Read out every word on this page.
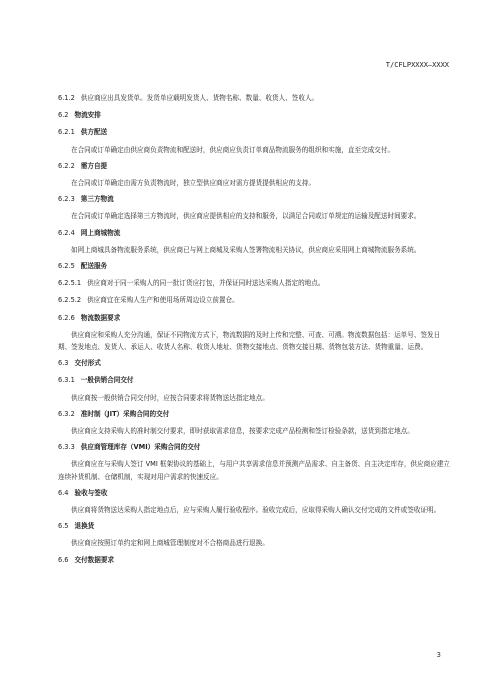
T/CFLPXXXX—XXXX

6.1.2 供应商应出具发货单。发货单应载明发货人、货物名称、数量、收货人、签收人。

6.2 物流安排

6.2.1 供方配送

在合同或订单确定由供应商负责物流和配送时，供应商应负责订单商品物流服务的组织和实施，直至完成交付。

6.2.2 需方自提

在合同或订单确定由需方负责物流时，独立型供应商应对需方提货提供相应的支持。

6.2.3 第三方物流

在合同或订单确定选择第三方物流时，供应商应提供相应的支持和服务，以满足合同或订单规定的运输及配送时间要求。

6.2.4 网上商城物流

如网上商城具备物流服务系统，供应商已与网上商城及采购人签署物流相关协议，供应商应采用网上商城物流服务系统。

6.2.5 配送服务

6.2.5.1 供应商对于同一采购人的同一批订货应打包，并保证同时送达采购人指定的地点。

6.2.5.2 供应商宜在采购人生产和使用场所周边设立前置仓。

6.2.6 物流数据要求

供应商应和采购人充分沟通，保证不同物流方式下，物流数据的及时上传和完整、可查、可溯。物流数据包括：运单号、签发日期、签发地点、发货人、承运人、收货人名称、收货人地址、货物交接地点、货物交接日期、货物包装方法、货物重量、运费。

6.3 交付形式

6.3.1 一般供销合同交付

供应商按一般供销合同交付时，应按合同要求将货物送达指定地点。

6.3.2 准时制（JIT）采购合同的交付

供应商应支持采购人的准时制交付要求，即时获取需求信息，按要求完成产品检测和签订检验条款，送货到指定地点。

6.3.3 供应商管理库存（VMI）采购合同的交付

供应商应在与采购人签订 VMI 框架协议的基础上，与用户共享需求信息并预测产品需求、自主备货、自主决定库存，供应商应建立连续补货机制、仓储机制，实现对用户需求的快速反应。

6.4 验收与签收

供应商将货物送达采购人指定地点后，应与采购人履行验收程序。验收完成后，应取得采购人确认交付完成的文件或签收证明。

6.5 退换货

供应商应按照订单约定和网上商城管理制度对不合格商品进行退换。

6.6 交付数据要求

3
